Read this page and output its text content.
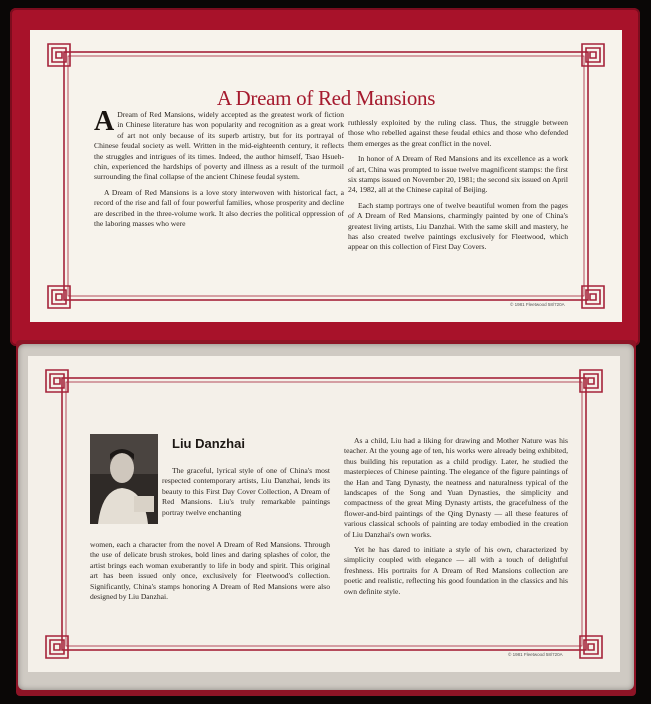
A Dream of Red Mansions

A Dream of Red Mansions, widely accepted as the greatest work of fiction in Chinese literature has won popularity and recognition as a great work of art not only because of its superb artistry, but for its portrayal of Chinese feudal society as well. Written in the mid-eighteenth century, it reflects the struggles and intrigues of its times. Indeed, the author himself, Tsao Hsueh-chin, experienced the hardships of poverty and illness as a result of the turmoil surrounding the final collapse of the ancient Chinese feudal system.

A Dream of Red Mansions is a love story interwoven with historical fact, a record of the rise and fall of four powerful families, whose prosperity and decline are described in the three-volume work. It also decries the political oppression of the laboring masses who were

ruthlessly exploited by the ruling class. Thus, the struggle between those who rebelled against these feudal ethics and those who defended them emerges as the great conflict in the novel.

In honor of A Dream of Red Mansions and its excellence as a work of art, China was prompted to issue twelve magnificent stamps: the first six stamps issued on November 20, 1981; the second six issued on April 24, 1982, all at the Chinese capital of Beijing.

Each stamp portrays one of twelve beautiful women from the pages of A Dream of Red Mansions, charmingly painted by one of China's greatest living artists, Liu Danzhai. With the same skill and mastery, he has also created twelve paintings exclusively for Fleetwood, which appear on this collection of First Day Covers.

© 1981 Fleetwood 58/720A
Liu Danzhai

The graceful, lyrical style of one of China's most respected contemporary artists, Liu Danzhai, lends its beauty to this First Day Cover Collection, A Dream of Red Mansions. Liu's truly remarkable paintings portray twelve enchanting

women, each a character from the novel A Dream of Red Mansions. Through the use of delicate brush strokes, bold lines and daring splashes of color, the artist brings each woman exuberantly to life in body and spirit. This original art has been issued only once, exclusively for Fleetwood's collection. Significantly, China's stamps honoring A Dream of Red Mansions were also designed by Liu Danzhai.

As a child, Liu had a liking for drawing and Mother Nature was his teacher. At the young age of ten, his works were already being exhibited, thus building his reputation as a child prodigy. Later, he studied the masterpieces of Chinese painting. The elegance of the figure paintings of the Han and Tang Dynasty, the neatness and naturalness typical of the landscapes of the Song and Yuan Dynasties, the simplicity and compactness of the great Ming Dynasty artists, the gracefulness of the flower-and-bird paintings of the Qing Dynasty — all these features of various classical schools of painting are today embodied in the creation of Liu Danzhai's own works.

Yet he has dared to initiate a style of his own, characterized by simplicity coupled with elegance — all with a touch of delightful freshness. His portraits for A Dream of Red Mansions collection are poetic and realistic, reflecting his good foundation in the classics and his own definite style.

© 1981 Fleetwood 58/720A
